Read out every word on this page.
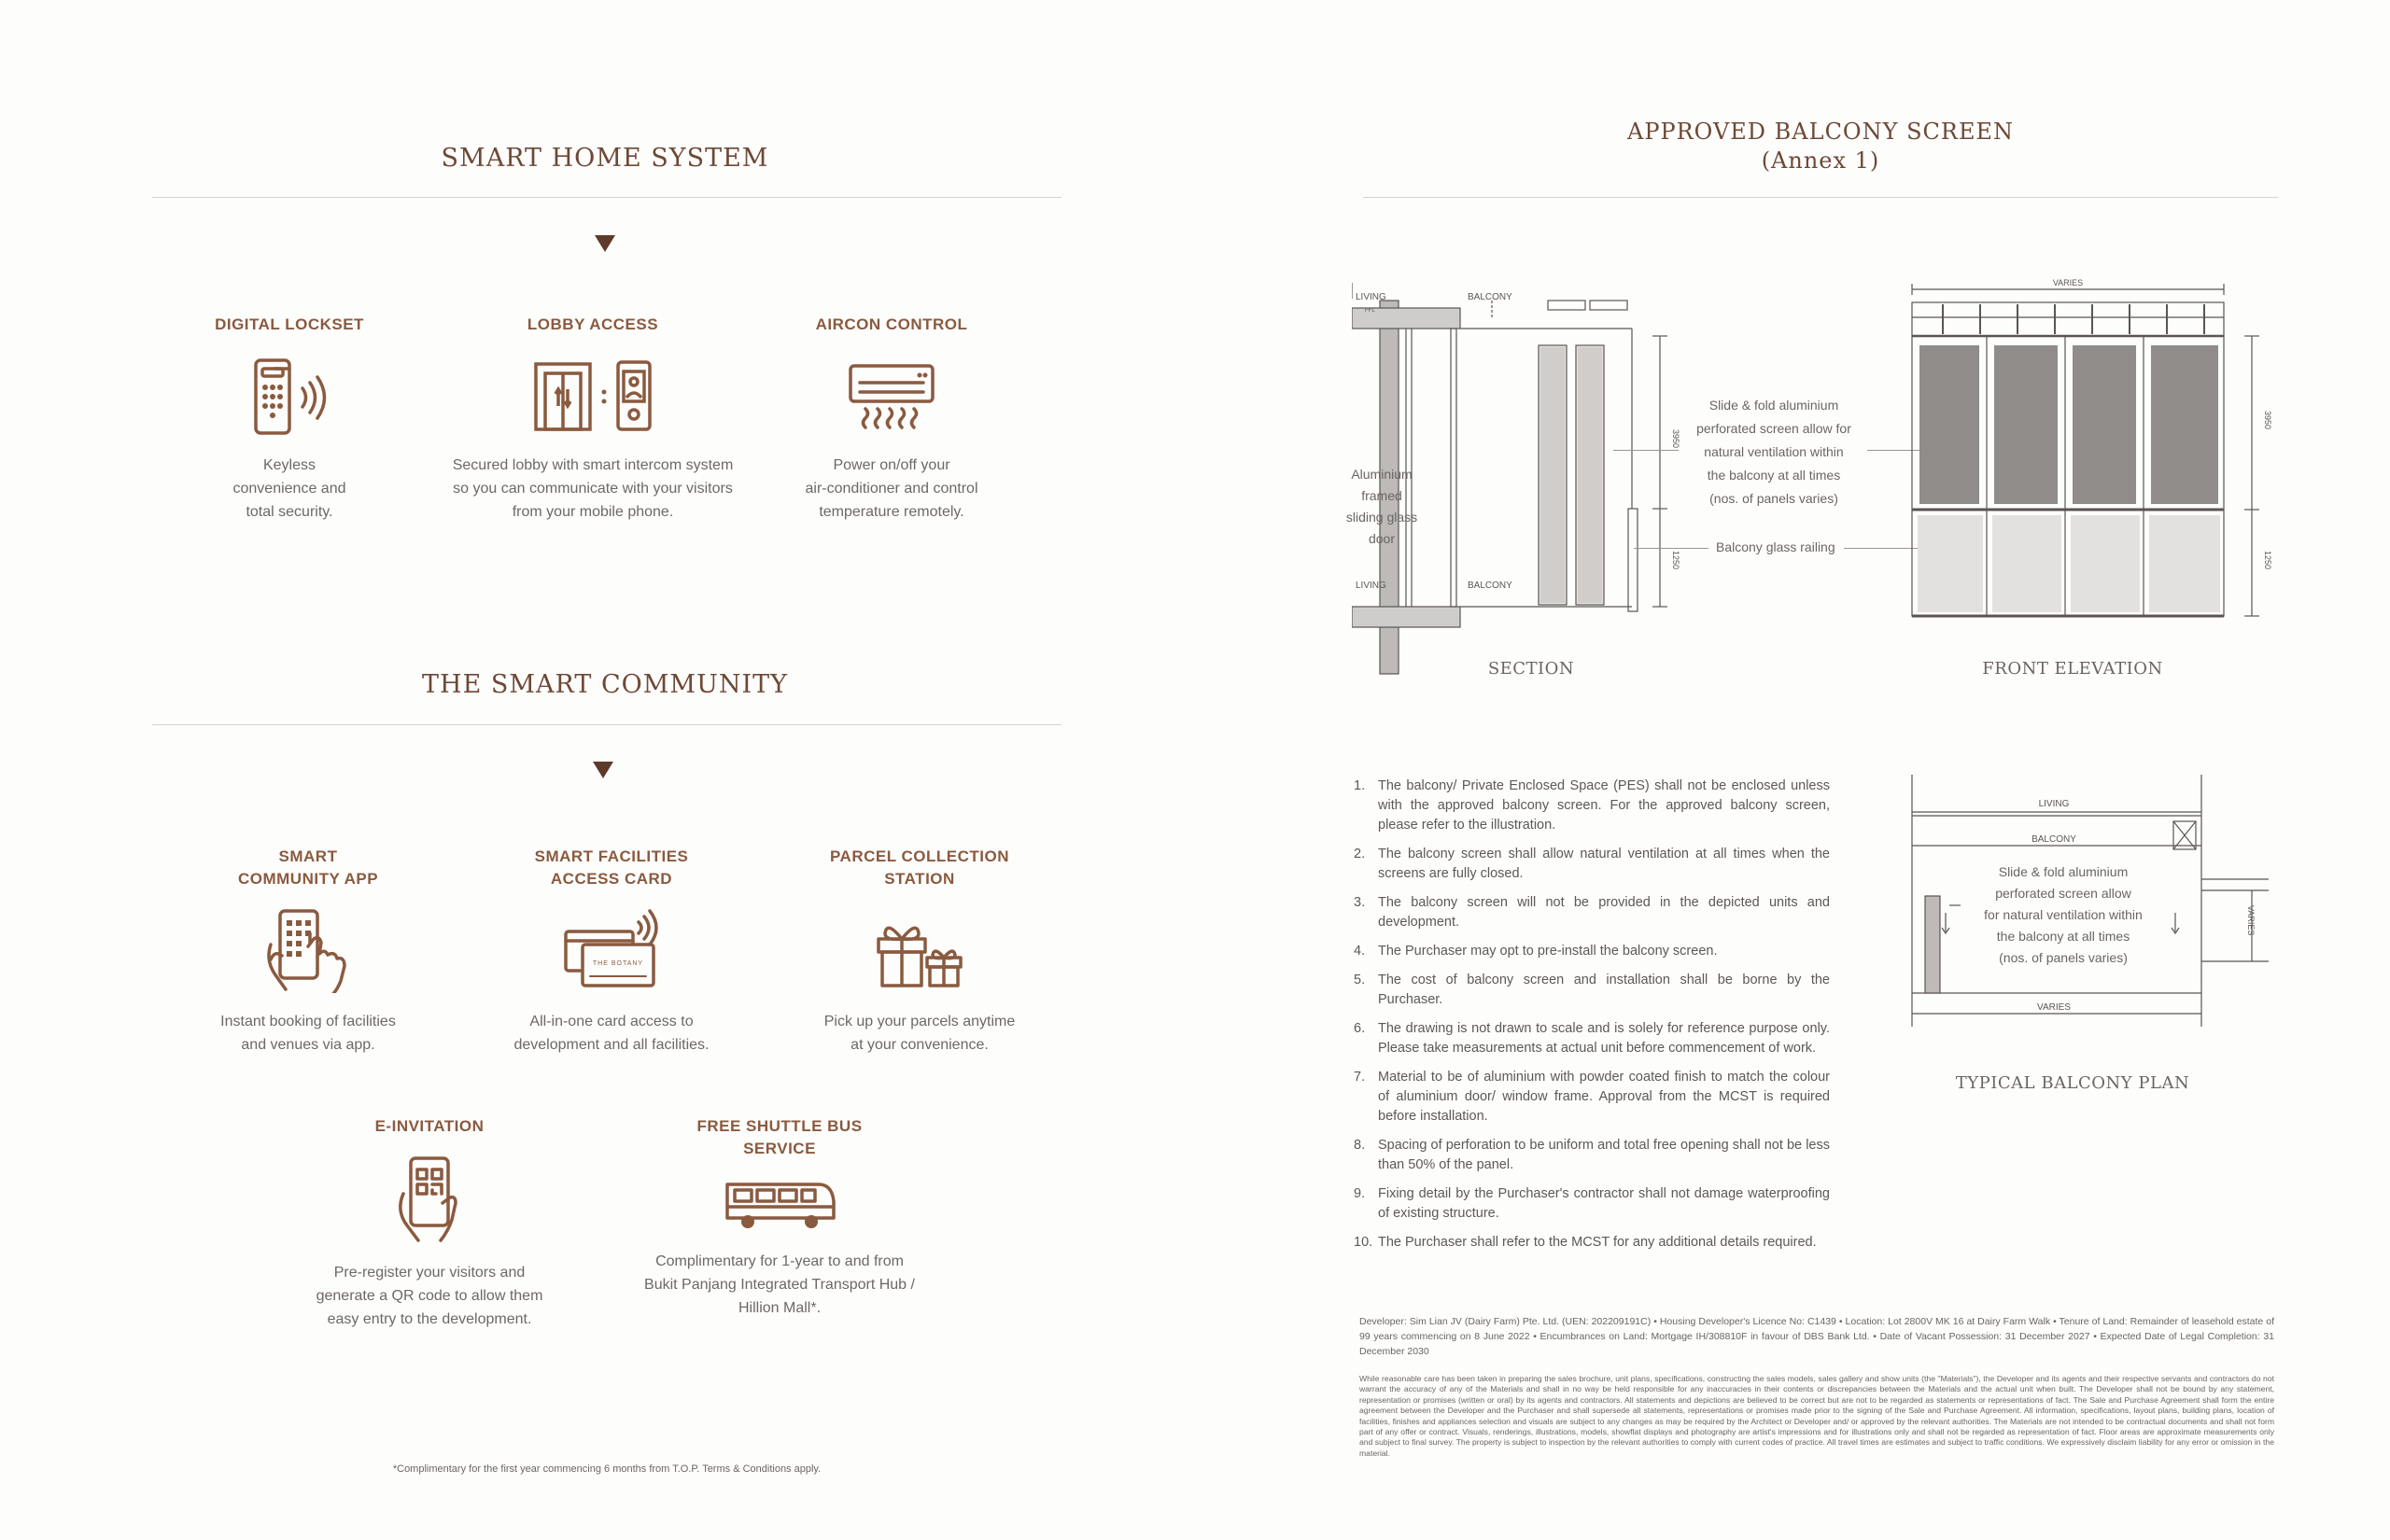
SMART HOME SYSTEM
DIGITAL LOCKSET
Keyless
convenience and
total security.
LOBBY ACCESS
Secured lobby with smart intercom system
so you can communicate with your visitors
from your mobile phone.
AIRCON CONTROL
Power on/off your
air-conditioner and control
temperature remotely.
THE SMART COMMUNITY
SMART
COMMUNITY APP
Instant booking of facilities
and venues via app.
SMART FACILITIES
ACCESS CARD
THE BOTANY
All-in-one card access to
development and all facilities.
PARCEL COLLECTION
STATION
Pick up your parcels anytime
at your convenience.
E-INVITATION
Pre-register your visitors and
generate a QR code to allow them
easy entry to the development.
FREE SHUTTLE BUS
SERVICE
Complimentary for 1-year to and from
Bukit Panjang Integrated Transport Hub /
Hillion Mall*.
*Complimentary for the first year commencing 6 months from T.O.P. Terms & Conditions apply.
APPROVED BALCONY SCREEN
(Annex 1)
LIVING
FFL
BALCONY
LIVING	BALCONY
3950
1250
Aluminium
framed
sliding glass
door
SECTION
Slide & fold aluminium
perforated screen allow for
natural ventilation within
the balcony at all times
(nos. of panels varies)
Balcony glass railing
VARIES
3950
1250
FRONT ELEVATION
1. The balcony/ Private Enclosed Space (PES) shall not be enclosed unless with the approved balcony screen. For the approved balcony screen, please refer to the illustration.
2. The balcony screen shall allow natural ventilation at all times when the screens are fully closed.
3. The balcony screen will not be provided in the depicted units and development.
4. The Purchaser may opt to pre-install the balcony screen.
5. The cost of balcony screen and installation shall be borne by the Purchaser.
6. The drawing is not drawn to scale and is solely for reference purpose only. Please take measurements at actual unit before commencement of work.
7. Material to be of aluminium with powder coated finish to match the colour of aluminium door/ window frame. Approval from the MCST is required before installation.
8. Spacing of perforation to be uniform and total free opening shall not be less than 50% of the panel.
9. Fixing detail by the Purchaser's contractor shall not damage waterproofing of existing structure.
10. The Purchaser shall refer to the MCST for any additional details required.
LIVING
BALCONY
VARIES
VARIES
Slide & fold aluminium
perforated screen allow
for natural ventilation within
the balcony at all times
(nos. of panels varies)
TYPICAL BALCONY PLAN
Developer: Sim Lian JV (Dairy Farm) Pte. Ltd. (UEN: 202209191C) • Housing Developer's Licence No: C1439 • Location: Lot 2800V MK 16 at Dairy Farm Walk • Tenure of Land: Remainder of leasehold estate of 99 years commencing on 8 June 2022 • Encumbrances on Land: Mortgage IH/308810F in favour of DBS Bank Ltd. • Date of Vacant Possession: 31 December 2027 • Expected Date of Legal Completion: 31 December 2030
While reasonable care has been taken in preparing the sales brochure, unit plans, specifications, constructing the sales models, sales gallery and show units (the "Materials"), the Developer and its agents and their respective servants and contractors do not warrant the accuracy of any of the Materials and shall in no way be held responsible for any inaccuracies in their contents or discrepancies between the Materials and the actual unit when built. The Developer shall not be bound by any statement, representation or promises (written or oral) by its agents and contractors. All statements and depictions are believed to be correct but are not to be regarded as statements or representations of fact. The Sale and Purchase Agreement shall form the entire agreement between the Developer and the Purchaser and shall supersede all statements, representations or promises made prior to the signing of the Sale and Purchase Agreement. All information, specifications, layout plans, building plans, location of facilities, finishes and appliances selection and visuals are subject to any changes as may be required by the Architect or Developer and/ or approved by the relevant authorities. The Materials are not intended to be contractual documents and shall not form part of any offer or contract. Visuals, renderings, illustrations, models, showflat displays and photography are artist's impressions and for illustrations only and shall not be regarded as representation of fact. Floor areas are approximate measurements only and subject to final survey. The property is subject to inspection by the relevant authorities to comply with current codes of practice. All travel times are estimates and subject to traffic conditions. We expressively disclaim liability for any error or omission in the material.
